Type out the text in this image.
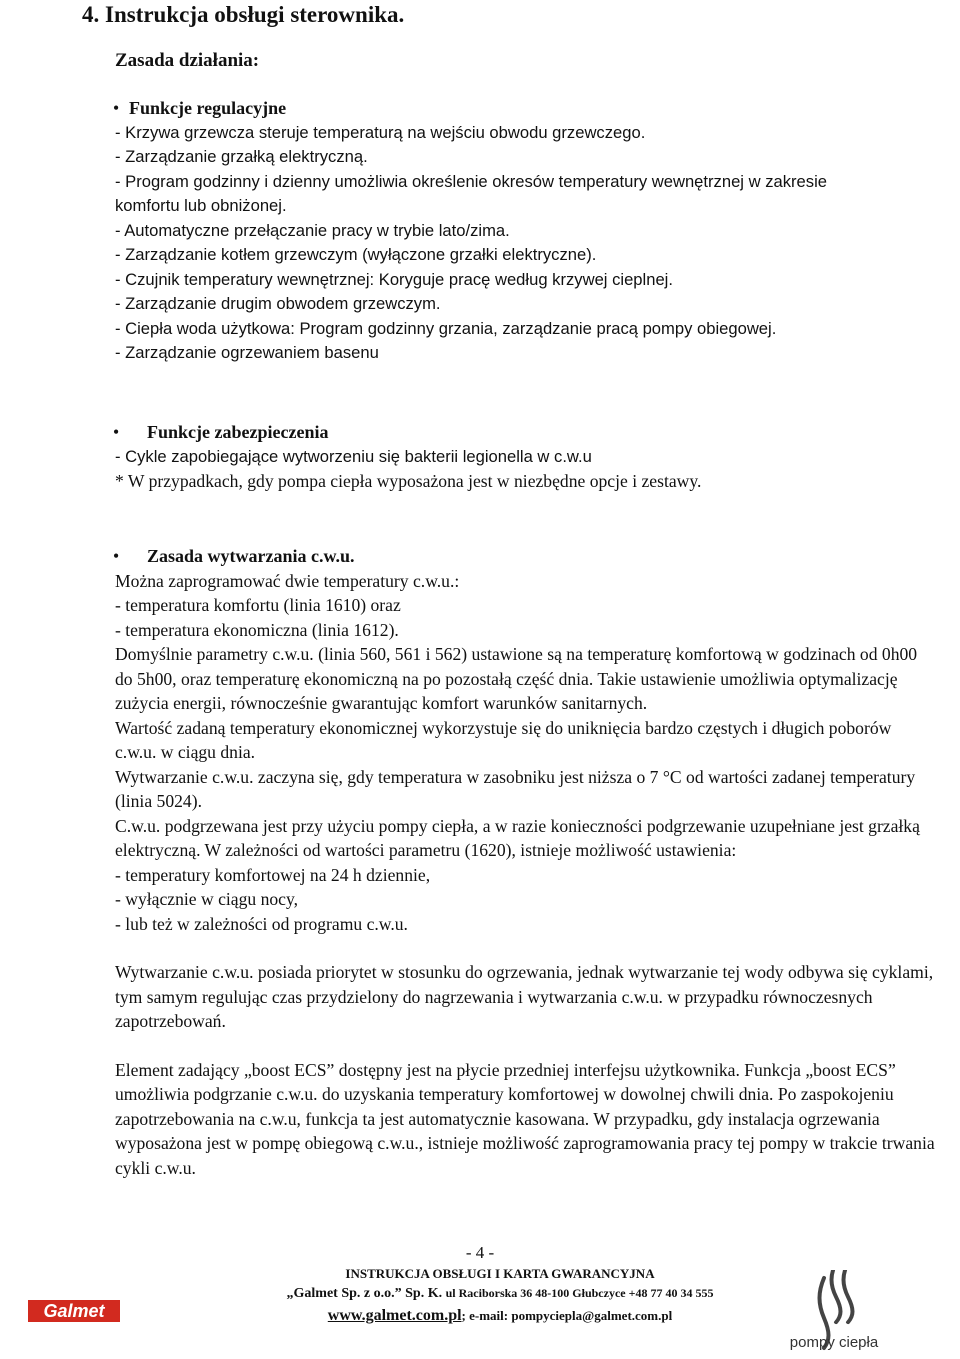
4. Instrukcja obsługi sterownika.
Zasada działania:
• Funkcje regulacyjne
- Krzywa grzewcza steruje temperaturą na wejściu obwodu grzewczego.
- Zarządzanie grzałką elektryczną.
- Program godzinny i dzienny umożliwia określenie okresów temperatury wewnętrznej w zakresie
komfortu lub obniżonej.
- Automatyczne przełączanie pracy w trybie lato/zima.
- Zarządzanie kotłem grzewczym (wyłączone grzałki elektryczne).
- Czujnik temperatury wewnętrznej: Koryguje pracę według krzywej cieplnej.
- Zarządzanie drugim obwodem grzewczym.
- Ciepła woda użytkowa: Program godzinny grzania, zarządzanie pracą pompy obiegowej.
- Zarządzanie ogrzewaniem basenu
• Funkcje zabezpieczenia
- Cykle zapobiegające wytworzeniu się bakterii legionella w c.w.u
* W przypadkach, gdy pompa ciepła wyposażona jest w niezbędne opcje i zestawy.
• Zasada wytwarzania c.w.u.
Można zaprogramować dwie temperatury c.w.u.:
- temperatura komfortu (linia 1610) oraz
- temperatura ekonomiczna (linia 1612).
Domyślnie parametry c.w.u. (linia 560, 561 i 562) ustawione są na temperaturę komfortową w godzinach od 0h00 do 5h00, oraz temperaturę ekonomiczną na po pozostałą część dnia. Takie ustawienie umożliwia optymalizację zużycia energii, równocześnie gwarantując komfort warunków sanitarnych.
Wartość zadaną temperatury ekonomicznej wykorzystuje się do uniknięcia bardzo częstych i długich poborów c.w.u. w ciągu dnia.
Wytwarzanie c.w.u. zaczyna się, gdy temperatura w zasobniku jest niższa o 7 °C od wartości zadanej temperatury (linia 5024).
C.w.u. podgrzewana jest przy użyciu pompy ciepła, a w razie konieczności podgrzewanie uzupełniane jest grzałką elektryczną. W zależności od wartości parametru (1620), istnieje możliwość ustawienia:
- temperatury komfortowej na 24 h dziennie,
- wyłącznie w ciągu nocy,
- lub też w zależności od programu c.w.u.
Wytwarzanie c.w.u. posiada priorytet w stosunku do ogrzewania, jednak wytwarzanie tej wody odbywa się cyklami, tym samym regulując czas przydzielony do nagrzewania i wytwarzania c.w.u. w przypadku równoczesnych zapotrzebowań.
Element zadający „boost ECS” dostępny jest na płycie przedniej interfejsu użytkownika. Funkcja „boost ECS” umożliwia podgrzanie c.w.u. do uzyskania temperatury komfortowej w dowolnej chwili dnia. Po zaspokojeniu zapotrzebowania na c.w.u, funkcja ta jest automatycznie kasowana. W przypadku, gdy instalacja ogrzewania wyposażona jest w pompę obiegową c.w.u., istnieje możliwość zaprogramowania pracy tej pompy w trakcie trwania cykli c.w.u.
- 4 -
INSTRUKCJA OBSŁUGI I KARTA GWARANCYJNA
„Galmet Sp. z o.o.” Sp. K. ul Raciborska 36 48-100 Głubczyce +48 77 40 34 555
www.galmet.com.pl; e-mail: pompyciepla@galmet.com.pl
Galmet
pompy ciepła
